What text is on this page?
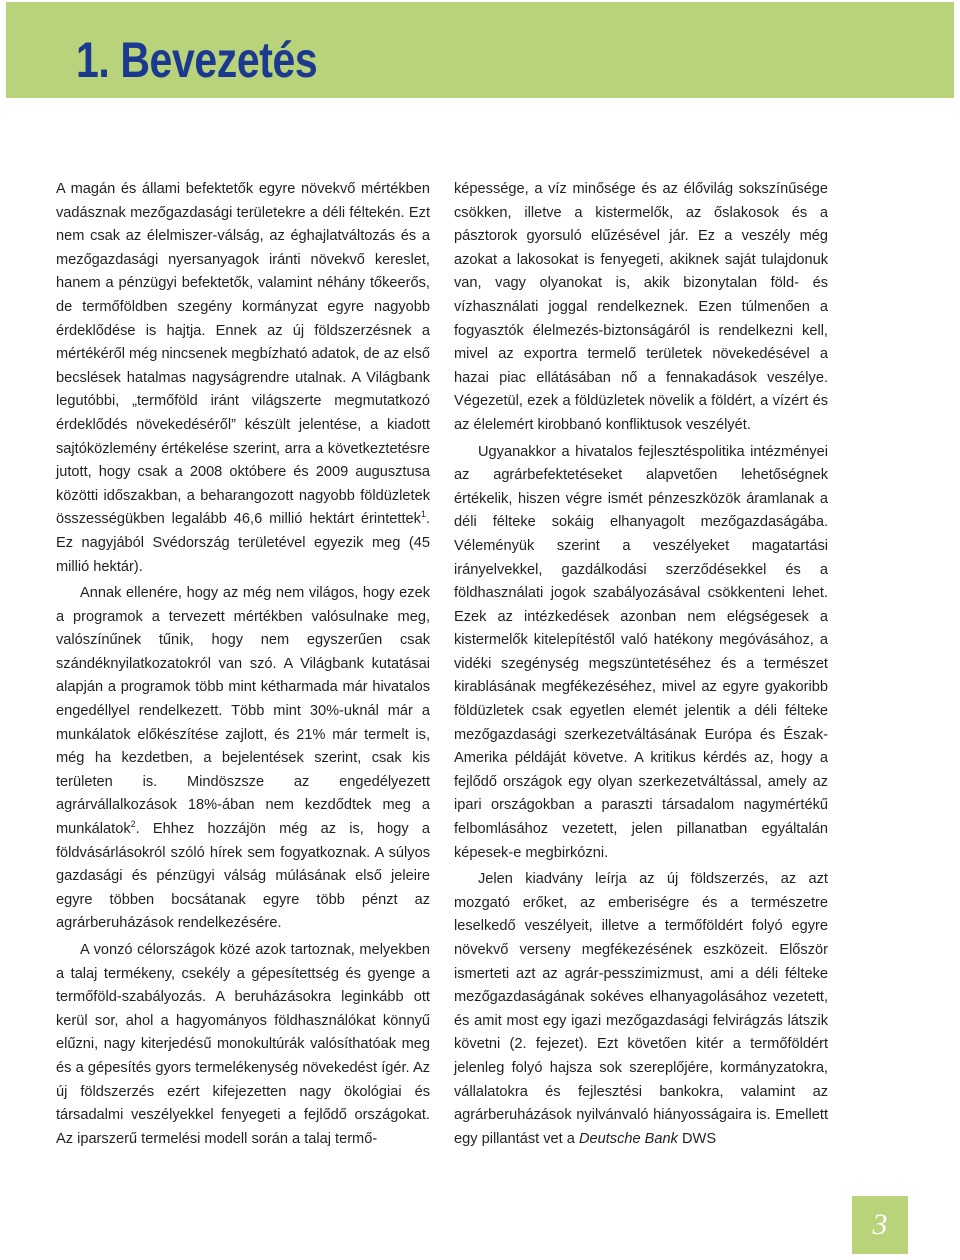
1. Bevezetés

A magán és állami befektetők egyre növekvő mértékben vadásznak mezőgazdasági területekre a déli féltekén. Ezt nem csak az élelmiszer-válság, az éghajlatváltozás és a mezőgazdasági nyersanyagok iránti növekvő kereslet, hanem a pénzügyi befektetők, valamint néhány tőkeerős, de termőföldben szegény kormányzat egyre nagyobb érdeklődése is hajtja. Ennek az új földszerzésnek a mértékéről még nincsenek megbízható adatok, de az első becslések hatalmas nagyságrendre utalnak. A Világbank legutóbbi, „termőföld iránt világszerte megmutatkozó érdeklődés növekedéséről” készült jelentése, a kiadott sajtóközlemény értékelése szerint, arra a következtetésre jutott, hogy csak a 2008 októbere és 2009 augusztusa közötti időszakban, a beharangozott nagyobb földüzletek összességükben legalább 46,6 millió hektárt érintettek$^1$. Ez nagyjából Svédország területével egyezik meg (45 millió hektár).

Annak ellenére, hogy az még nem világos, hogy ezek a programok a tervezett mértékben valósulnake meg, valószínűnek tűnik, hogy nem egyszerűen csak szándéknyilatkozatokról van szó. A Világbank kutatásai alapján a programok több mint kétharmada már hivatalos engedéllyel rendelkezett. Több mint 30%-uknál már a munkálatok előkészítése zajlott, és 21% már termelt is, még ha kezdetben, a bejelentések szerint, csak kis területen is. Mindöszsze az engedélyezett agrárvállalkozások 18%-ában nem kezdődtek meg a munkálatok$^2$. Ehhez hozzájön még az is, hogy a földvásárlásokról szóló hírek sem fogyatkoznak. A súlyos gazdasági és pénzügyi válság múlásának első jeleire egyre többen bocsátanak egyre több pénzt az agrárberuházások rendelkezésére.

A vonzó célországok közé azok tartoznak, melyekben a talaj termékeny, csekély a gépesítettség és gyenge a termőföld-szabályozás. A beruházásokra leginkább ott kerül sor, ahol a hagyományos földhasználókat könnyű elűzni, nagy kiterjedésű monokultúrák valósíthatóak meg és a gépesítés gyors termelékenység növekedést ígér. Az új földszerzés ezért kifejezetten nagy ökológiai és társadalmi veszélyekkel fenyegeti a fejlődő országokat. Az iparszerű termelési modell során a talaj termő-

képessége, a víz minősége és az élővilág sokszínűsége csökken, illetve a kistermelők, az őslakosok és a pásztorok gyorsuló elűzésével jár. Ez a veszély még azokat a lakosokat is fenyegeti, akiknek saját tulajdonuk van, vagy olyanokat is, akik bizonytalan föld- és vízhasználati joggal rendelkeznek. Ezen túlmenően a fogyasztók élelmezés-biztonságáról is rendelkezni kell, mivel az exportra termelő területek növekedésével a hazai piac ellátásában nő a fennakadások veszélye. Végezetül, ezek a földüzletek növelik a földért, a vízért és az élelemért kirobbanó konfliktusok veszélyét.

Ugyanakkor a hivatalos fejlesztéspolitika intézményei az agrárbefektetéseket alapvetően lehetőségnek értékelik, hiszen végre ismét pénzeszközök áramlanak a déli félteke sokáig elhanyagolt mezőgazdaságába. Véleményük szerint a veszélyeket magatartási irányelvekkel, gazdálkodási szerződésekkel és a földhasználati jogok szabályozásával csökkenteni lehet. Ezek az intézkedések azonban nem elégségesek a kistermelők kitelepítéstől való hatékony megóvásához, a vidéki szegénység megszüntetéséhez és a természet kirablásának megfékezéséhez, mivel az egyre gyakoribb földüzletek csak egyetlen elemét jelentik a déli félteke mezőgazdasági szerkezetváltásának Európa és Észak-Amerika példáját követve. A kritikus kérdés az, hogy a fejlődő országok egy olyan szerkezetváltással, amely az ipari országokban a paraszti társadalom nagymértékű felbomlásához vezetett, jelen pillanatban egyáltalán képesek-e megbirkózni.

Jelen kiadvány leírja az új földszerzés, az azt mozgató erőket, az emberiségre és a természetre leselkedő veszélyeit, illetve a termőföldért folyó egyre növekvő verseny megfékezésének eszközeit. Először ismerteti azt az agrár-pesszimizmust, ami a déli félteke mezőgazdaságának sokéves elhanyagolásához vezetett, és amit most egy igazi mezőgazdasági felvirágzás látszik követni (2. fejezet). Ezt követően kitér a termőföldért jelenleg folyó hajsza sok szereplőjére, kormányzatokra, vállalatokra és fejlesztési bankokra, valamint az agrárberuházások nyilvánvaló hiányosságaira is. Emellett egy pillantást vet a Deutsche Bank DWS

3
